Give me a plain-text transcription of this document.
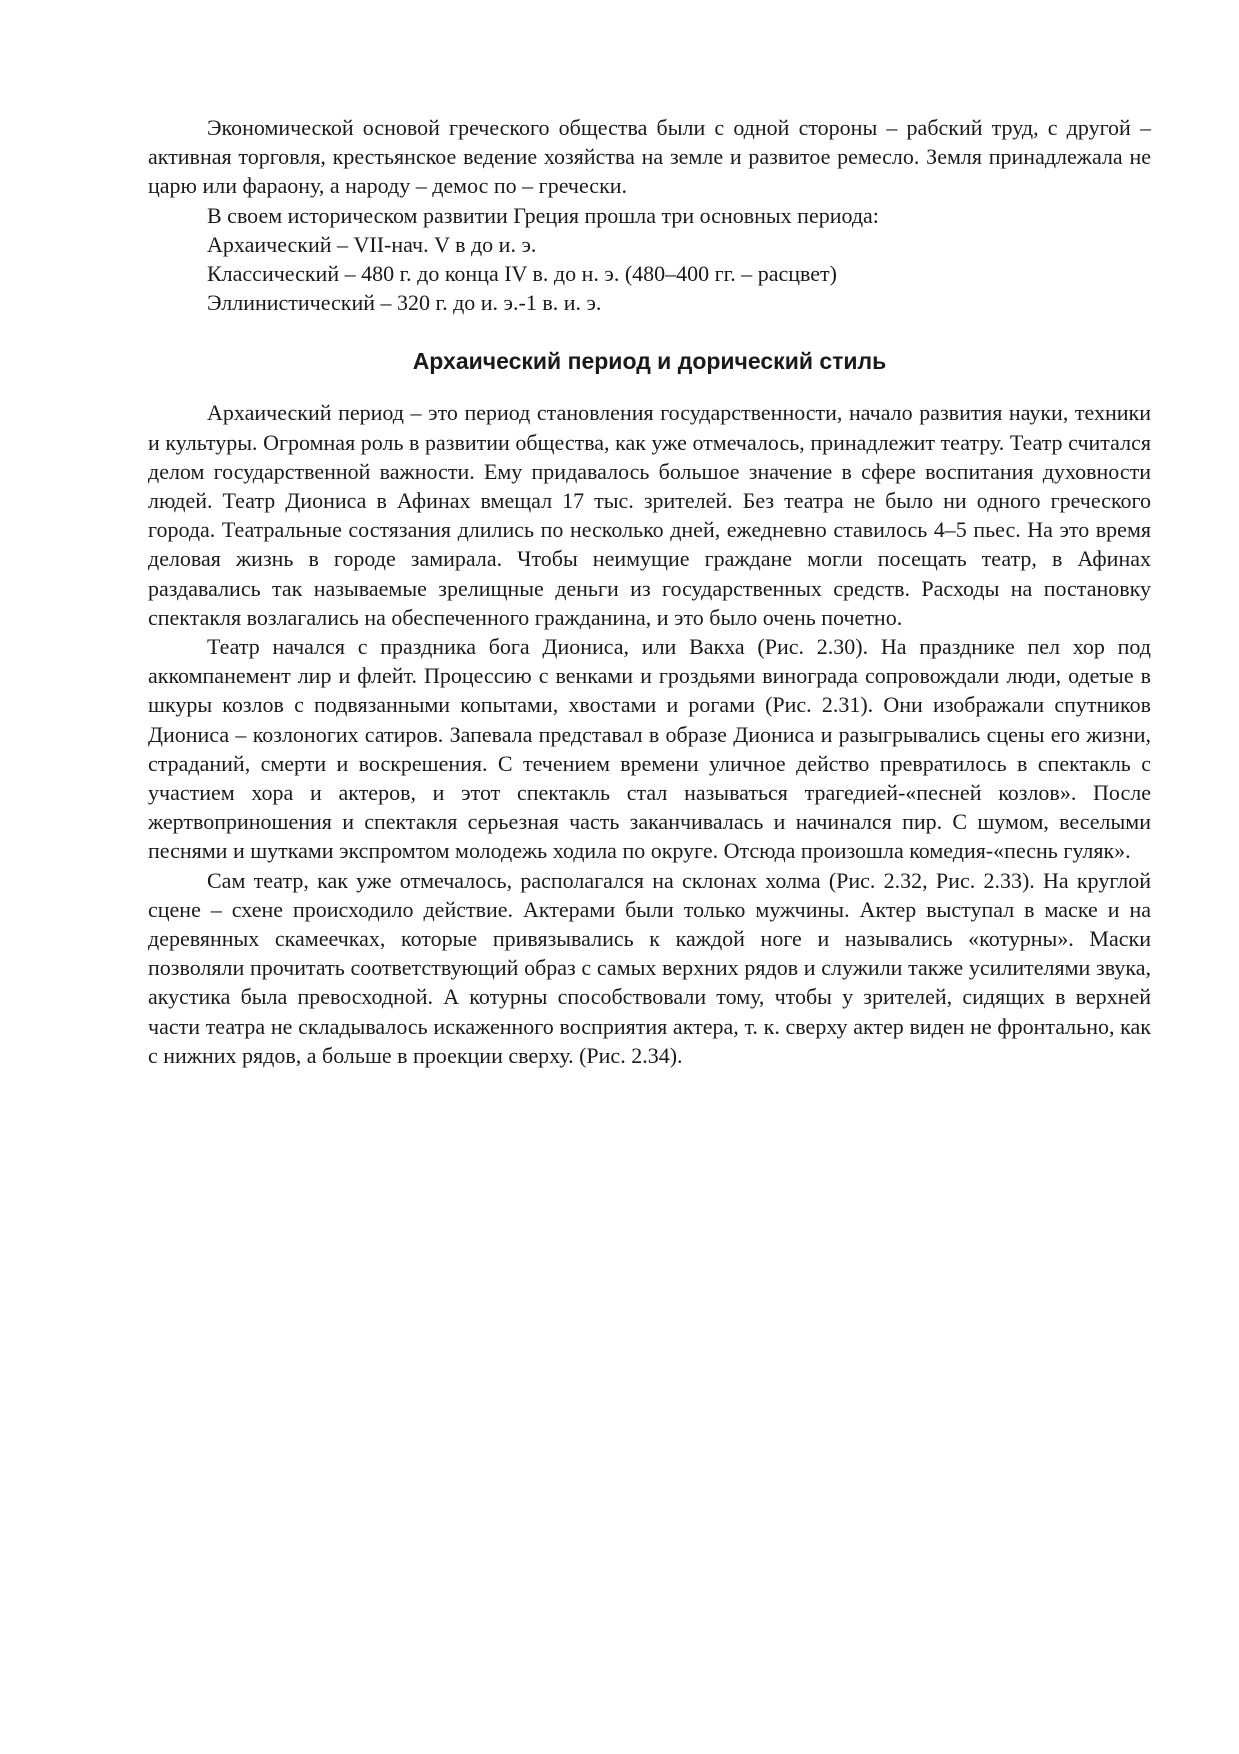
Экономической основой греческого общества были с одной стороны – рабский труд, с другой – активная торговля, крестьянское ведение хозяйства на земле и развитое ремесло. Земля принадлежала не царю или фараону, а народу – демос по – гречески.

В своем историческом развитии Греция прошла три основных периода:

Архаический – VII-нач. V в до и. э.

Классический – 480 г. до конца IV в. до н. э. (480–400 гг. – расцвет)

Эллинистический – 320 г. до и. э.-1 в. и. э.

Архаический период и дорический стиль

Архаический период – это период становления государственности, начало развития науки, техники и культуры. Огромная роль в развитии общества, как уже отмечалось, принадлежит театру. Театр считался делом государственной важности. Ему придавалось большое значение в сфере воспитания духовности людей. Театр Диониса в Афинах вмещал 17 тыс. зрителей. Без театра не было ни одного греческого города. Театральные состязания длились по несколько дней, ежедневно ставилось 4–5 пьес. На это время деловая жизнь в городе замирала. Чтобы неимущие граждане могли посещать театр, в Афинах раздавались так называемые зрелищные деньги из государственных средств. Расходы на постановку спектакля возлагались на обеспеченного гражданина, и это было очень почетно.

Театр начался с праздника бога Диониса, или Вакха (Рис. 2.30). На празднике пел хор под аккомпанемент лир и флейт. Процессию с венками и гроздьями винограда сопровождали люди, одетые в шкуры козлов с подвязанными копытами, хвостами и рогами (Рис. 2.31). Они изображали спутников Диониса – козлоногих сатиров. Запевала представал в образе Диониса и разыгрывались сцены его жизни, страданий, смерти и воскрешения. С течением времени уличное действо превратилось в спектакль с участием хора и актеров, и этот спектакль стал называться трагедией-«песней козлов». После жертвоприношения и спектакля серьезная часть заканчивалась и начинался пир. С шумом, веселыми песнями и шутками экспромтом молодежь ходила по округе. Отсюда произошла комедия-«песнь гуляк».

Сам театр, как уже отмечалось, располагался на склонах холма (Рис. 2.32, Рис. 2.33). На круглой сцене – схене происходило действие. Актерами были только мужчины. Актер выступал в маске и на деревянных скамеечках, которые привязывались к каждой ноге и назывались «котурны». Маски позволяли прочитать соответствующий образ с самых верхних рядов и служили также усилителями звука, акустика была превосходной. А котурны способствовали тому, чтобы у зрителей, сидящих в верхней части театра не складывалось искаженного восприятия актера, т. к. сверху актер виден не фронтально, как с нижних рядов, а больше в проекции сверху. (Рис. 2.34).
